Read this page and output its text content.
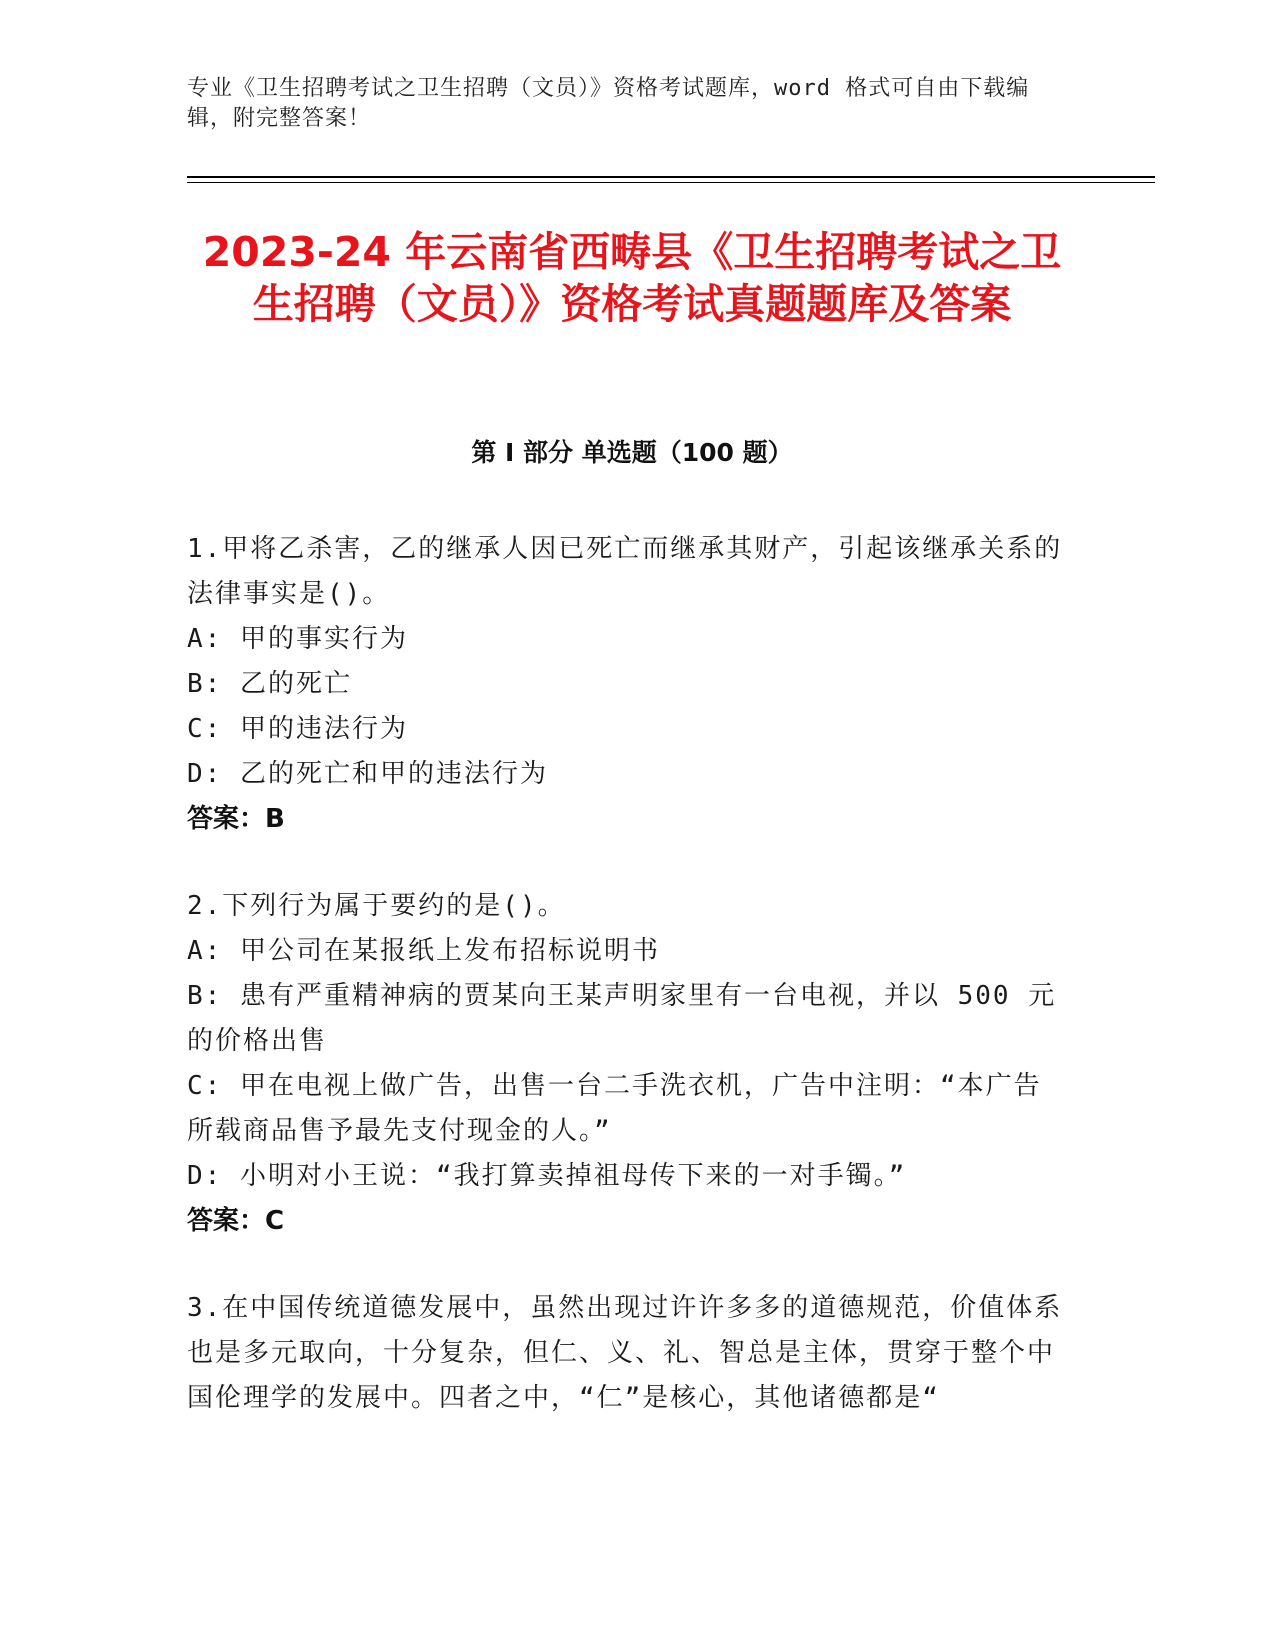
专业《卫生招聘考试之卫生招聘（文员）》资格考试题库，word 格式可自由下载编辑，附完整答案！
2023-24 年云南省西畴县《卫生招聘考试之卫生招聘（文员）》资格考试真题题库及答案
第 I 部分 单选题（100 题）
1.甲将乙杀害，乙的继承人因已死亡而继承其财产，引起该继承关系的法律事实是()。
A: 甲的事实行为
B: 乙的死亡
C: 甲的违法行为
D: 乙的死亡和甲的违法行为
答案：B
2.下列行为属于要约的是()。
A: 甲公司在某报纸上发布招标说明书
B: 患有严重精神病的贾某向王某声明家里有一台电视，并以 500 元的价格出售
C: 甲在电视上做广告，出售一台二手洗衣机，广告中注明：“本广告所载商品售予最先支付现金的人。”
D: 小明对小王说：“我打算卖掉祖母传下来的一对手镯。”
答案：C
3.在中国传统道德发展中，虽然出现过许许多多的道德规范，价值体系也是多元取向，十分复杂，但仁、义、礼、智总是主体，贯穿于整个中国伦理学的发展中。四者之中，“仁”是核心，其他诸德都是“
